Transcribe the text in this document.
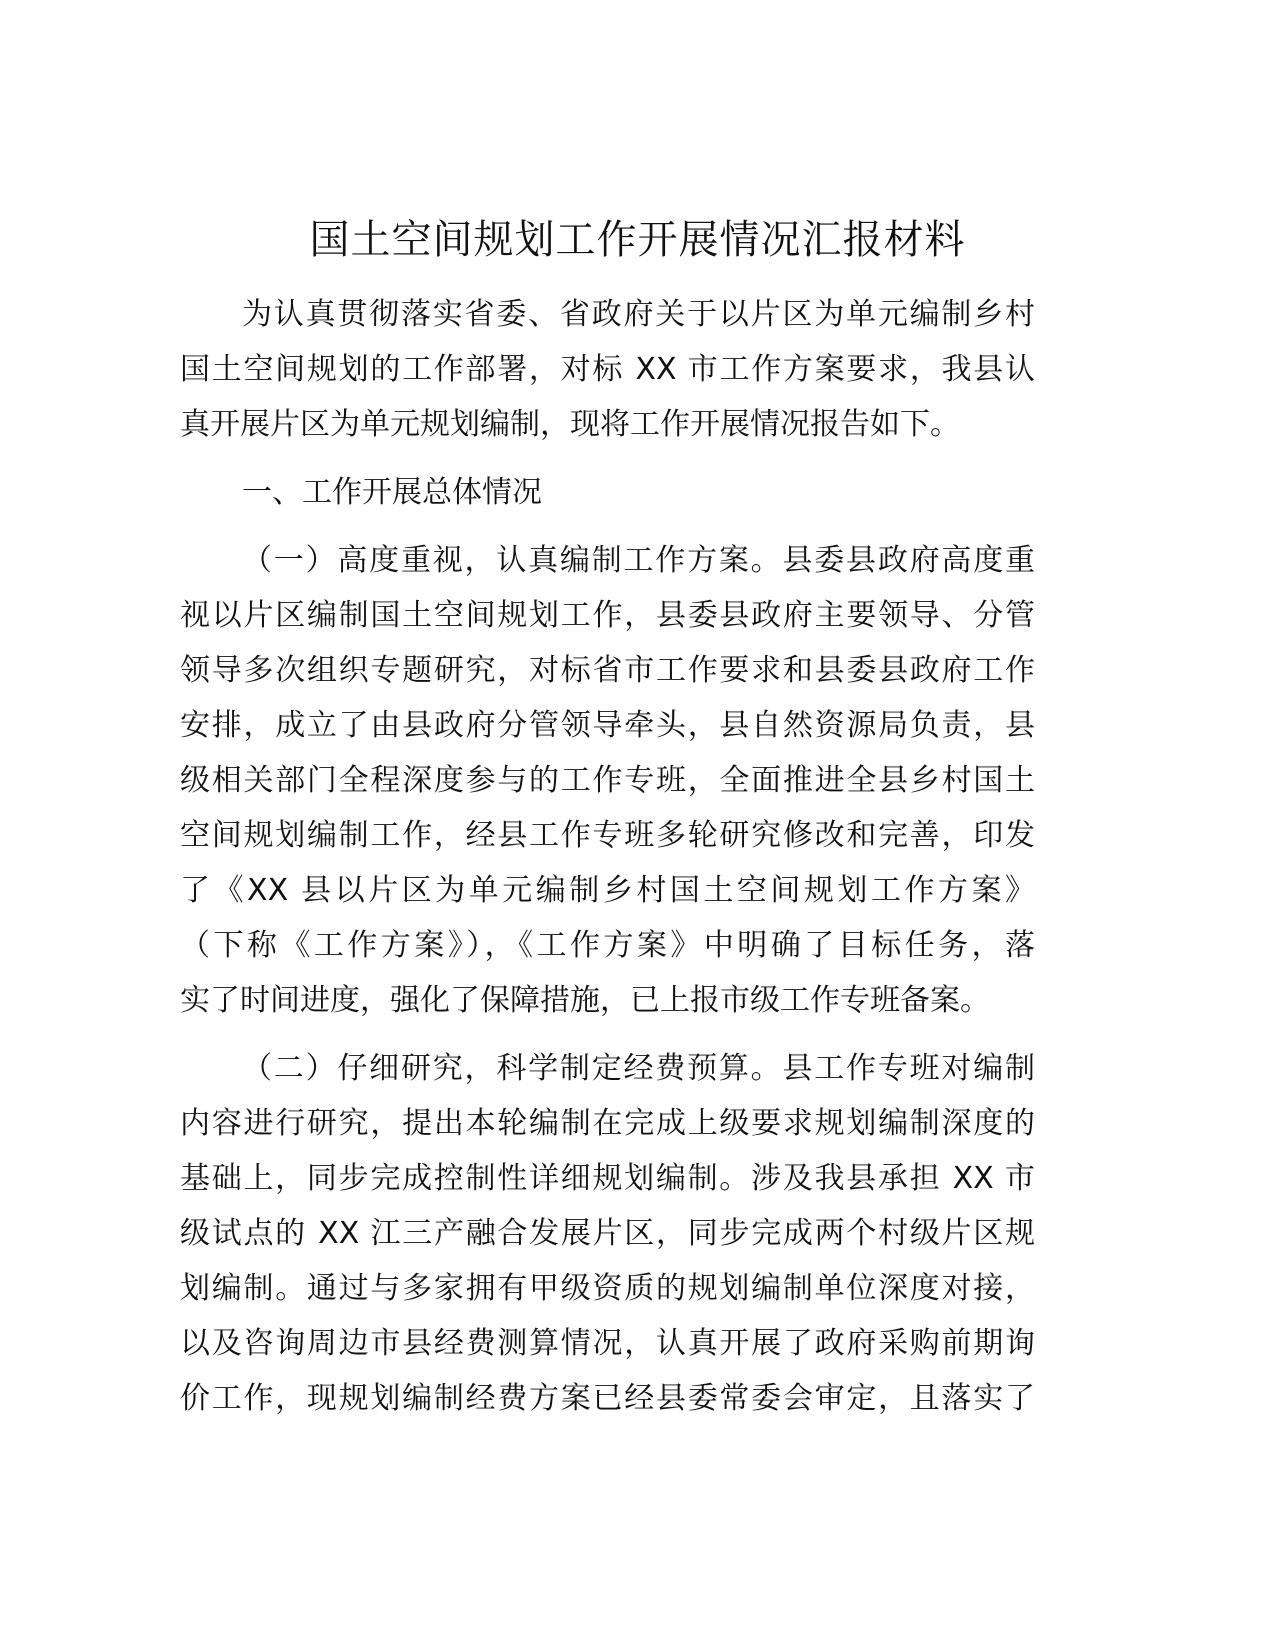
国土空间规划工作开展情况汇报材料
为认真贯彻落实省委、省政府关于以片区为单元编制乡村
国土空间规划的工作部署，对标 XX 市工作方案要求，我县认
真开展片区为单元规划编制，现将工作开展情况报告如下。
一、工作开展总体情况
（一）高度重视，认真编制工作方案。县委县政府高度重
视以片区编制国土空间规划工作，县委县政府主要领导、分管
领导多次组织专题研究，对标省市工作要求和县委县政府工作
安排，成立了由县政府分管领导牵头，县自然资源局负责，县
级相关部门全程深度参与的工作专班，全面推进全县乡村国土
空间规划编制工作，经县工作专班多轮研究修改和完善，印发
了《XX 县以片区为单元编制乡村国土空间规划工作方案》
（下称《工作方案》），《工作方案》中明确了目标任务，落
实了时间进度，强化了保障措施，已上报市级工作专班备案。
（二）仔细研究，科学制定经费预算。县工作专班对编制
内容进行研究，提出本轮编制在完成上级要求规划编制深度的
基础上，同步完成控制性详细规划编制。涉及我县承担 XX 市
级试点的 XX 江三产融合发展片区，同步完成两个村级片区规
划编制。通过与多家拥有甲级资质的规划编制单位深度对接，
以及咨询周边市县经费测算情况，认真开展了政府采购前期询
价工作，现规划编制经费方案已经县委常委会审定，且落实了
